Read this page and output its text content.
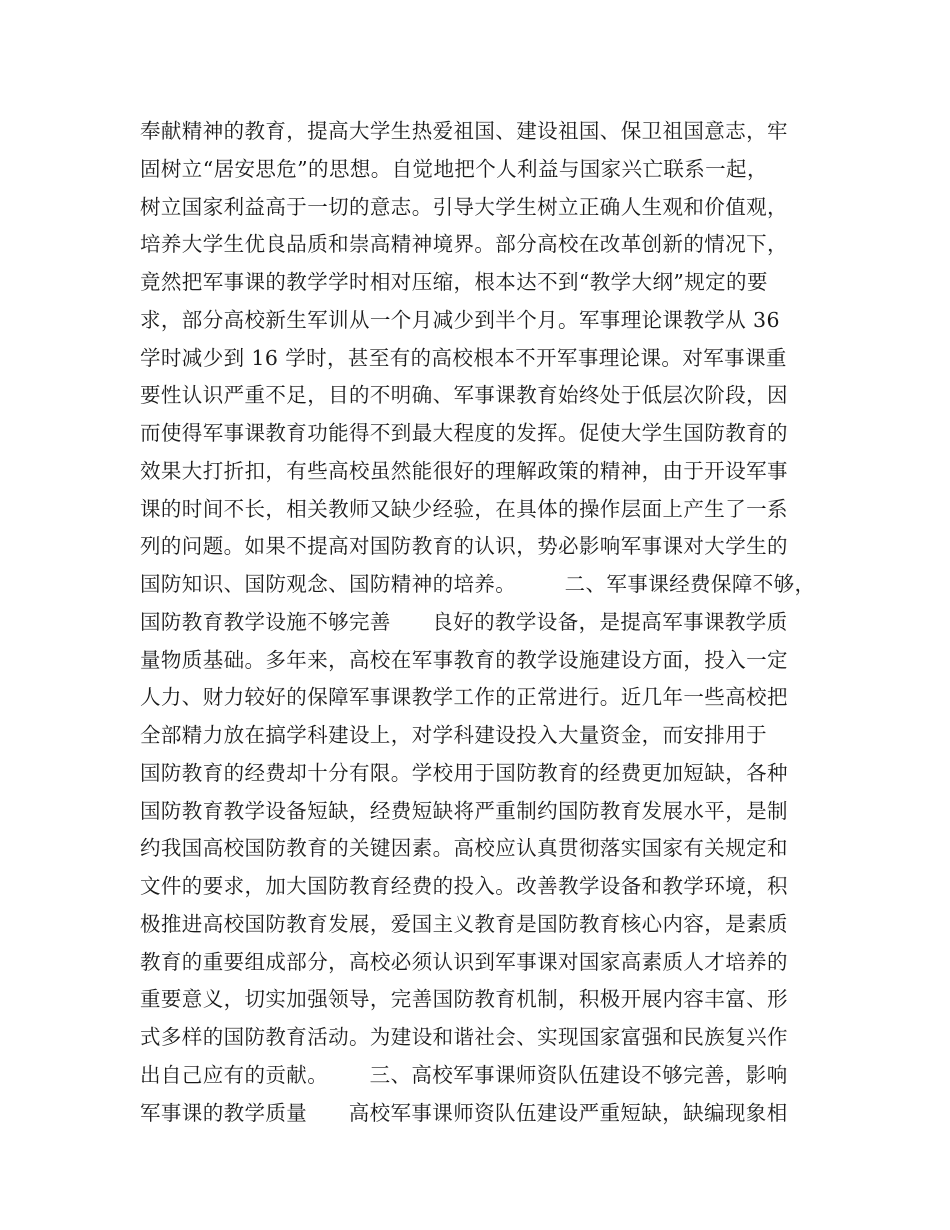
奉献精神的教育，提高大学生热爱祖国、建设祖国、保卫祖国意志，牢
固树立“居安思危”的思想。自觉地把个人利益与国家兴亡联系一起，
树立国家利益高于一切的意志。引导大学生树立正确人生观和价值观，
培养大学生优良品质和崇高精神境界。部分高校在改革创新的情况下，
竟然把军事课的教学学时相对压缩，根本达不到“教学大纲”规定的要
求，部分高校新生军训从一个月减少到半个月。军事理论课教学从 36
学时减少到 16 学时，甚至有的高校根本不开军事理论课。对军事课重
要性认识严重不足，目的不明确、军事课教育始终处于低层次阶段，因
而使得军事课教育功能得不到最大程度的发挥。促使大学生国防教育的
效果大打折扣，有些高校虽然能很好的理解政策的精神，由于开设军事
课的时间不长，相关教师又缺少经验，在具体的操作层面上产生了一系
列的问题。如果不提高对国防教育的认识，势必影响军事课对大学生的
国防知识、国防观念、国防精神的培养。       二、军事课经费保障不够，
国防教育教学设施不够完善      良好的教学设备，是提高军事课教学质
量物质基础。多年来，高校在军事教育的教学设施建设方面，投入一定
人力、财力较好的保障军事课教学工作的正常进行。近几年一些高校把
全部精力放在搞学科建设上，对学科建设投入大量资金，而安排用于
国防教育的经费却十分有限。学校用于国防教育的经费更加短缺，各种
国防教育教学设备短缺，经费短缺将严重制约国防教育发展水平，是制
约我国高校国防教育的关键因素。高校应认真贯彻落实国家有关规定和
文件的要求，加大国防教育经费的投入。改善教学设备和教学环境，积
极推进高校国防教育发展，爱国主义教育是国防教育核心内容，是素质
教育的重要组成部分，高校必须认识到军事课对国家高素质人才培养的
重要意义，切实加强领导，完善国防教育机制，积极开展内容丰富、形
式多样的国防教育活动。为建设和谐社会、实现国家富强和民族复兴作
出自己应有的贡献。      三、高校军事课师资队伍建设不够完善，影响
军事课的教学质量      高校军事课师资队伍建设严重短缺，缺编现象相
